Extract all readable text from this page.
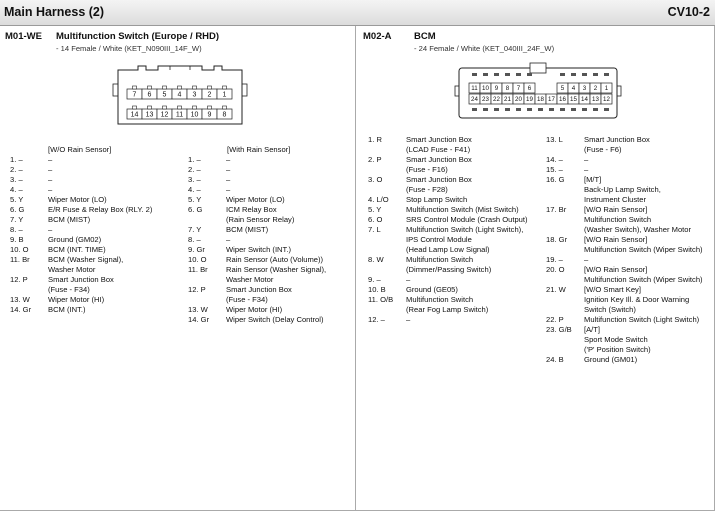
Main Harness (2)	CV10-2
M01-WE Multifunction Switch (Europe / RHD)
- 14 Female / White (KET_N090III_14F_W)
7 6 5 4 3 2 1
14 13 12 11 10 9 8
[W/O Rain Sensor]	[With Rain Sensor]
1. –	–
2. –	–
3. –	–
4. –	–
5. Y	Wiper Motor (LO)
6. G	E/R Fuse & Relay Box (RLY. 2)
7. Y	BCM (MIST)
8. –	–
9. B	Ground (GM02)
10. O	BCM (INT. TIME)
11. Br	BCM (Washer Signal),
Washer Motor
12. P	Smart Junction Box
(Fuse - F34)
13. W	Wiper Motor (HI)
14. Gr	BCM (INT.)
1. –	–
2. –	–
3. –	–
4. –	–
5. Y	Wiper Motor (LO)
6. G	ICM Relay Box
(Rain Sensor Relay)
7. Y	BCM (MIST)
8. –	–
9. Gr	Wiper Switch (INT.)
10. O	Rain Sensor (Auto (Volume))
11. Br	Rain Sensor (Washer Signal),
Washer Motor
12. P	Smart Junction Box
(Fuse - F34)
13. W	Wiper Motor (HI)
14. Gr	Wiper Switch (Delay Control)
M02-A BCM
- 24 Female / White (KET_040III_24F_W)
11 10 9 8 7 6	5 4 3 2 1
24 23 22 21 20 19 18 17 16 15 14 13 12
1. R	Smart Junction Box
(LCAD Fuse - F41)
2. P	Smart Junction Box
(Fuse - F16)
3. O	Smart Junction Box
(Fuse - F28)
4. L/O	Stop Lamp Switch
5. Y	Multifunction Switch (Mist Switch)
6. O	SRS Control Module (Crash Output)
7. L	Multifunction Switch (Light Switch),
IPS Control Module
(Head Lamp Low Signal)
8. W	Multifunction Switch
(Dimmer/Passing Switch)
9. –	–
10. B	Ground (GE05)
11. O/B	Multifunction Switch
(Rear Fog Lamp Switch)
12. –	–
13. L	Smart Junction Box
(Fuse - F6)
14. –	–
15. –	–
16. G	[M/T]
Back-Up Lamp Switch,
Instrument Cluster
17. Br	[W/O Rain Sensor]
Multifunction Switch
(Washer Switch), Washer Motor
18. Gr	[W/O Rain Sensor]
Multifunction Switch (Wiper Switch)
19. –	–
20. O	[W/O Rain Sensor]
Multifunction Switch (Wiper Switch)
21. W	[W/O Smart Key]
Ignition Key Ill. & Door Warning
Switch (Switch)
22. P	Multifunction Switch (Light Switch)
23. G/B	[A/T]
Sport Mode Switch
('P' Position Switch)
24. B	Ground (GM01)
